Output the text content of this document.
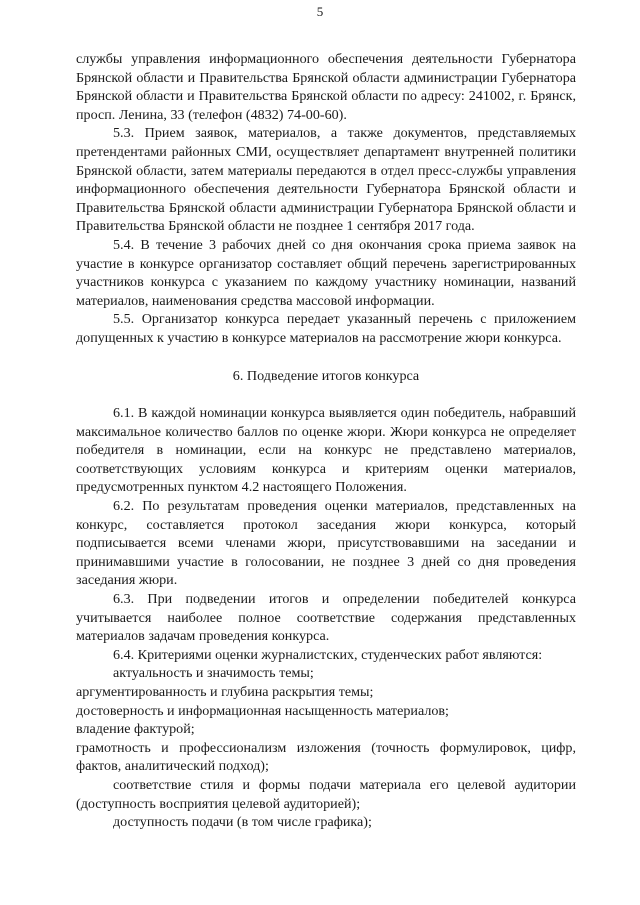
5

службы управления информационного обеспечения деятельности Губернатора Брянской области и Правительства Брянской области администрации Губернатора Брянской области и Правительства Брянской области по адресу: 241002, г. Брянск, просп. Ленина, 33 (телефон (4832) 74-00-60).

5.3. Прием заявок, материалов, а также документов, представляемых претендентами районных СМИ, осуществляет департамент внутренней политики Брянской области, затем материалы передаются в отдел пресс-службы управления информационного обеспечения деятельности Губернатора Брянской области и Правительства Брянской области администрации Губернатора Брянской области и Правительства Брянской области не позднее 1 сентября 2017 года.

5.4. В течение 3 рабочих дней со дня окончания срока приема заявок на участие в конкурсе организатор составляет общий перечень зарегистрированных участников конкурса с указанием по каждому участнику номинации, названий материалов, наименования средства массовой информации.

5.5. Организатор конкурса передает указанный перечень с приложением допущенных к участию в конкурсе материалов на рассмотрение жюри конкурса.

6. Подведение итогов конкурса

6.1. В каждой номинации конкурса выявляется один победитель, набравший максимальное количество баллов по оценке жюри. Жюри конкурса не определяет победителя в номинации, если на конкурс не представлено материалов, соответствующих условиям конкурса и критериям оценки материалов, предусмотренных пунктом 4.2 настоящего Положения.

6.2. По результатам проведения оценки материалов, представленных на конкурс, составляется протокол заседания жюри конкурса, который подписывается всеми членами жюри, присутствовавшими на заседании и принимавшими участие в голосовании, не позднее 3 дней со дня проведения заседания жюри.

6.3. При подведении итогов и определении победителей конкурса учитывается наиболее полное соответствие содержания представленных материалов задачам проведения конкурса.

6.4. Критериями оценки журналистских, студенческих работ являются:

актуальность и значимость темы;

аргументированность и глубина раскрытия темы;

достоверность и информационная насыщенность материалов;

владение фактурой;

грамотность и профессионализм изложения (точность формулировок, цифр, фактов, аналитический подход);

соответствие стиля и формы подачи материала его целевой аудитории (доступность восприятия целевой аудиторией);

доступность подачи (в том числе графика);
